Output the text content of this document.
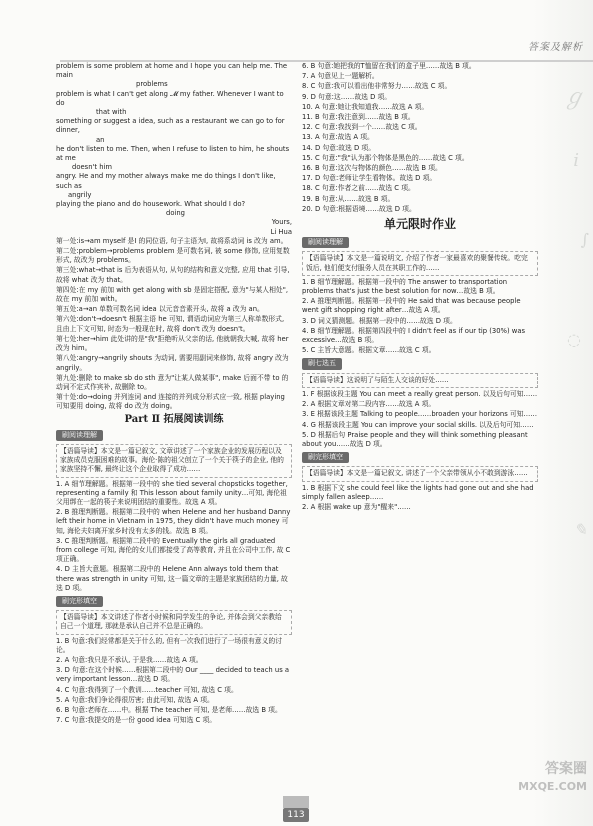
ℊ
i
∫
◌
✎
答案及解析
problem is some problem at home and I hope you can help me. The main
problems
problem is what I can't get along 𝓜 my father. Whenever I want to do
that with
something or suggest a idea, such as a restaurant we can go to for dinner,
an
he don't listen to me. Then, when I refuse to listen to him, he shouts at me
doesn't him
angry. He and my mother always make me do things I don't like, such as
angrily
playing the piano and do housework. What should I do?
doing
Yours,
Li Hua

第一处:is→am myself 是I 的同位语, 句子主语为I, 故将系动词 is 改为 am。

第二处:problem→problems problem 是可数名词, 被 some 修饰, 应用复数形式, 故改为 problems。

第三处:what→that is 后为表语从句, 从句的结构和意义完整, 应用 that 引导, 故将 what 改为 that。

第四处:在 my 前加 with get along with sb 是固定搭配, 意为"与某人相处", 故在 my 前加 with。

第五处:a→an 单数可数名词 idea 以元音音素开头, 故将 a 改为 an。

第六处:don't→doesn't 根据主语 he 可知, 谓语动词应为第三人称单数形式, 且由上下文可知, 时态为一般现在时, 故将 don't 改为 doesn't。

第七处:her→him 此处讲的是"我"拒绝听从父亲的话, 他就朝我大喊, 故将 her 改为 him。

第八处:angry→angrily shouts 为动词, 需要用副词来修饰, 故将 angry 改为 angrily。

第九处:删除 to make sb do sth 意为"让某人做某事", make 后面不带 to 的动词不定式作宾补, 故删除 to。

第十处:do→doing 并列连词 and 连接的并列成分形式应一致, 根据 playing 可知要用 doing, 故将 do 改为 doing。

Part Ⅱ 拓展阅读训练
刷阅读理解
【语篇导读】本文是一篇记叙文, 文章讲述了一个家族企业的发展历程以及家族成员克服困难的故事。海伦·陈的祖父创立了一个关于筷子的企业, 他的家族坚持不懈, 最终让这个企业取得了成功……

1. A 细节理解题。根据第一段中的 she tied several chopsticks together, representing a family 和 This lesson about family unity…可知, 海伦祖父用绑在一起的筷子来说明团结的重要性。故选 A 项。

2. B 推理判断题。根据第二段中的 when Helene and her husband Danny left their home in Vietnam in 1975, they didn't have much money 可知, 海伦夫妇离开家乡时没有太多的钱。故选 B 项。

3. C 推理判断题。根据第二段中的 Eventually the girls all graduated from college 可知, 海伦的女儿们都接受了高等教育, 并且在公司中工作, 故 C 项正确。

4. D 主旨大意题。根据第二段中的 Helene Ann always told them that there was strength in unity 可知, 这一篇文章的主题是家族团结的力量, 故选 D 项。

刷完形填空
【语篇导读】本文讲述了作者小时候和同学发生的争论, 并体会到父亲教给自己一个道理, 那就是承认自己并不总是正确的。

1. B 句意:我们经常都是关于什么的, 但有一次我们进行了一场很有意义的讨论。

2. A 句意:我只是不承认, 于是我……故选 A 项。

3. D 句意:在这个时候……根据第二段中的 Our ____ decided to teach us a very important lesson…故选 D 项。

4. C 句意:我得到了一个教训……teacher 可知, 故选 C 项。

5. A 句意:我们争论得很厉害; 由此可知, 故选 A 项。

6. B 句意:老师在……中。根据 The teacher 可知, 是老师……故选 B 项。

7. C 句意:我提交的是一份 good idea 可知选 C 项。

6. B 句意:她把我的T恤留在我们的盒子里……故选 B 项。

7. A 句意见上一题解析。

8. C 句意:我可以看出他非常努力……故选 C 项。

9. D 句意:这……故选 D 项。

10. A 句意:她让我知道我……故选 A 项。

11. B 句意:我注意到……故选 B 项。

12. C 句意:我找到一个……故选 C 项。

13. A 句意:故选 A 项。

14. D 句意:故选 D 项。

15. C 句意:"我"认为那个物体是黑色的……故选 C 项。

16. B 句意:这次与物体的颜色……故选 B 项。

17. D 句意:老师让学生看物体。故选 D 项。

18. C 句意:作者之前……故选 C 项。

19. B 句意:从……故选 B 项。

20. D 句意:根据语境……故选 D 项。

单元限时作业
刷阅读理解
【语篇导读】本文是一篇说明文, 介绍了作者一家最喜欢的聚餐传统。吃完饭后, 他们便支付服务人员在其职工作的……

1. B 细节理解题。根据第一段中的 The answer to transportation problems that's just the best solution for now…故选 B 项。

2. A 推理判断题。根据第一段中的 He said that was because people went gift shopping right after…故选 A 项。

3. D 词义猜测题。根据第一段中的……故选 D 项。

4. B 细节理解题。根据第四段中的 I didn't feel as if our tip (30%) was excessive…故选 B 项。

5. C 主旨大意题。根据文章……故选 C 项。

刷七选五
【语篇导读】这说明了与陌生人交谈的好处……

1. F 根据该段主题 You can meet a really great person. 以及后句可知……

2. A 根据文章对第二段内容……故选 A 项。

3. E 根据该段主题 Talking to people……broaden your horizons 可知……

4. G 根据该段主题 You can improve your social skills. 以及后句可知……

5. D 根据后句 Praise people and they will think something pleasant about you……故选 D 项。

刷完形填空
【语篇导读】本文是一篇记叙文, 讲述了一个父亲带领从小不敢到游泳……

1. B 根据下文 she could feel like the lights had gone out and she had simply fallen asleep……

2. A 根据 wake up 意为"醒来"……

113
答案圈
MXQE.COM
